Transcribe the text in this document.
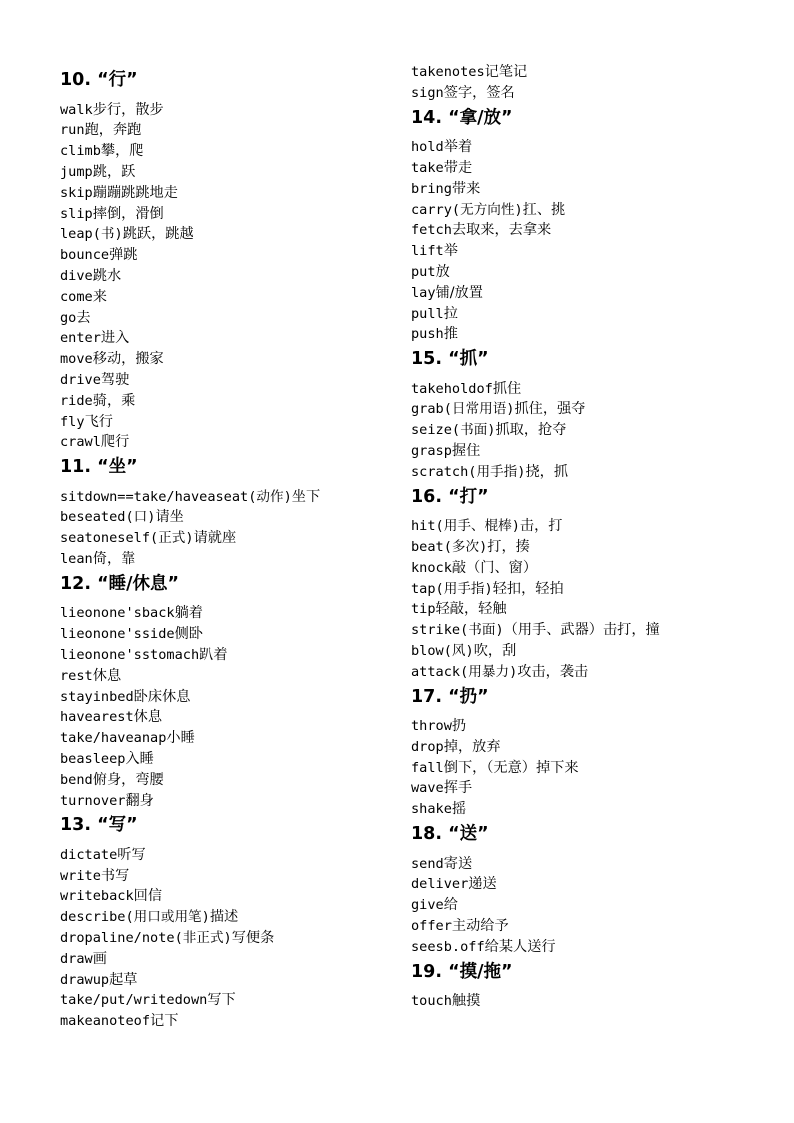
10. “行”
walk步行，散步
run跑，奔跑
climb攀，爬
jump跳，跃
skip蹦蹦跳跳地走
slip摔倒，滑倒
leap(书)跳跃，跳越
bounce弹跳
dive跳水
come来
go去
enter进入
move移动，搬家
drive驾驶
ride骑，乘
fly飞行
crawl爬行
11. “坐”
sitdown==take/haveaseat(动作)坐下
beseated(口)请坐
seatoneself(正式)请就座
lean倚，靠
12. “睡/休息”
lieonone'sback躺着
lieonone'sside侧卧
lieonone'sstomach趴着
rest休息
stayinbed卧床休息
havearest休息
take/haveanap小睡
beasleep入睡
bend俯身，弯腰
turnover翻身
13. “写”
dictate听写
write书写
writeback回信
describe(用口或用笔)描述
dropaline/note(非正式)写便条
draw画
drawup起草
take/put/writedown写下
makeanoteof记下
takenotes记笔记
sign签字，签名
14. “拿/放”
hold举着
take带走
bring带来
carry(无方向性)扛、挑
fetch去取来，去拿来
lift举
put放
lay铺/放置
pull拉
push推
15. “抓”
takeholdof抓住
grab(日常用语)抓住，强夺
seize(书面)抓取，抢夺
grasp握住
scratch(用手指)挠，抓
16. “打”
hit(用手、棍棒)击，打
beat(多次)打，揍
knock敲（门、窗）
tap(用手指)轻扣，轻拍
tip轻敲，轻触
strike(书面)（用手、武器）击打，撞
blow(风)吹，刮
attack(用暴力)攻击，袭击
17. “扔”
throw扔
drop掉，放弃
fall倒下，（无意）掉下来
wave挥手
shake摇
18. “送”
send寄送
deliver递送
give给
offer主动给予
seesb.off给某人送行
19. “摸/拖”
touch触摸
